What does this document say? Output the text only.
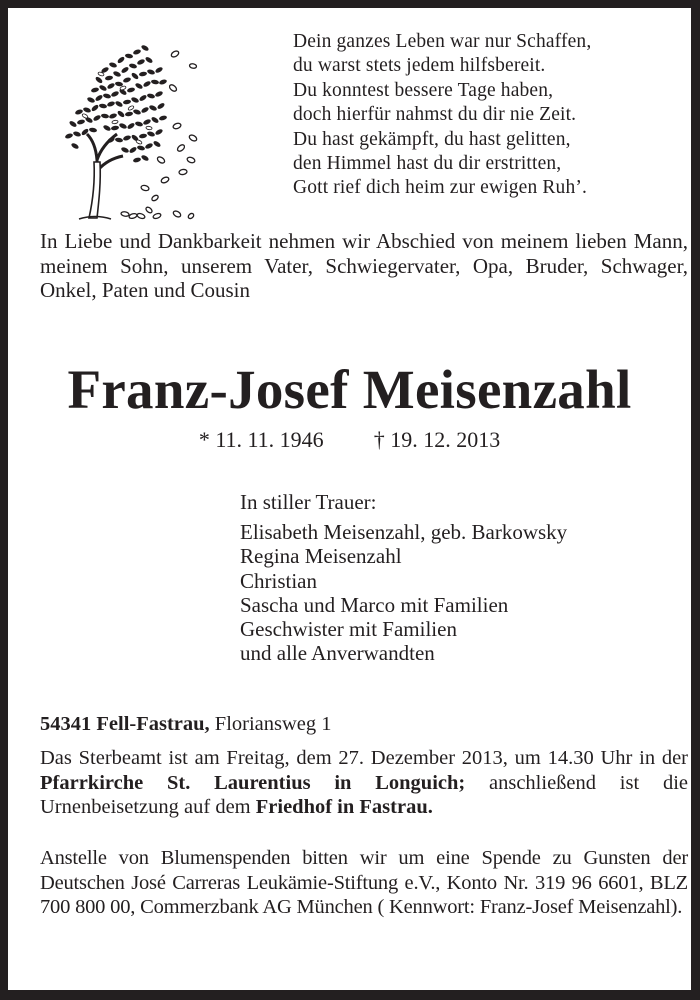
Dein ganzes Leben war nur Schaffen,
du warst stets jedem hilfsbereit.
Du konntest bessere Tage haben,
doch hierfür nahmst du dir nie Zeit.
Du hast gekämpft, du hast gelitten,
den Himmel hast du dir erstritten,
Gott rief dich heim zur ewigen Ruh’.
In Liebe und Dankbarkeit nehmen wir Abschied von meinem lieben Mann, meinem Sohn, unserem Vater, Schwiegervater, Opa, Bruder, Schwager, Onkel, Paten und Cousin
Franz-Josef Meisenzahl
* 11. 11. 1946 † 19. 12. 2013
In stiller Trauer:
Elisabeth Meisenzahl, geb. Barkowsky
Regina Meisenzahl
Christian
Sascha und Marco mit Familien
Geschwister mit Familien
und alle Anverwandten
54341 Fell-Fastrau, Floriansweg 1
Das Sterbeamt ist am Freitag, dem 27. Dezember 2013, um 14.30 Uhr in der Pfarrkirche St. Laurentius in Longuich; anschließend ist die Urnenbeisetzung auf dem Friedhof in Fastrau.
Anstelle von Blumenspenden bitten wir um eine Spende zu Gunsten der Deutschen José Carreras Leukämie-Stiftung e.V., Konto Nr. 319 96 6601, BLZ 700 800 00, Commerzbank AG München ( Kennwort: Franz-Josef Meisenzahl).
